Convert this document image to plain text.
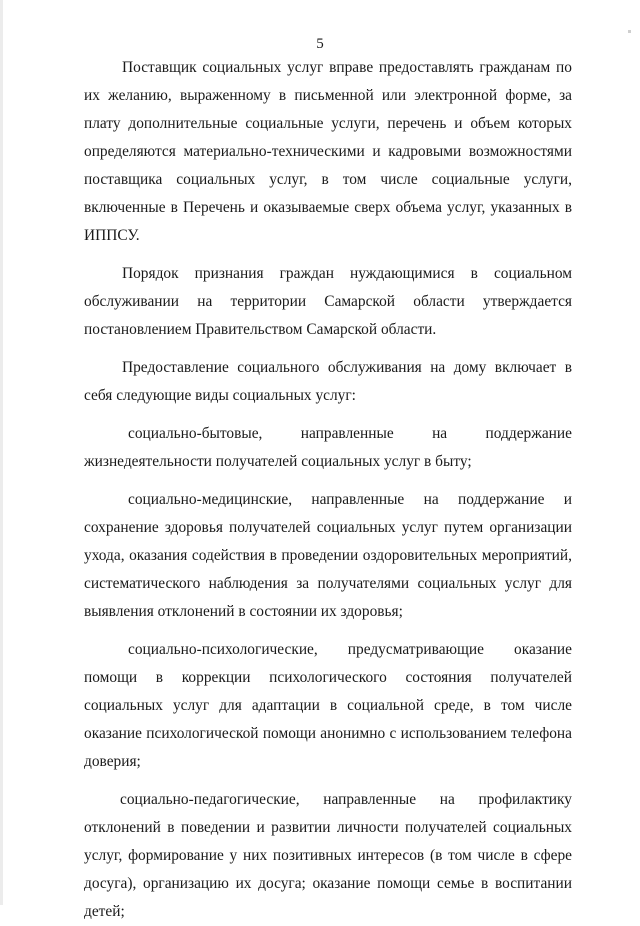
5

Поставщик социальных услуг вправе предоставлять гражданам по их желанию, выраженному в письменной или электронной форме, за плату дополнительные социальные услуги, перечень и объем которых определяются материально-техническими и кадровыми возможностями поставщика социальных услуг, в том числе социальные услуги, включенные в Перечень и оказываемые сверх объема услуг, указанных в ИППСУ.

Порядок признания граждан нуждающимися в социальном обслуживании на территории Самарской области утверждается постановлением Правительством Самарской области.

Предоставление социального обслуживания на дому включает в себя следующие виды социальных услуг:

социально-бытовые, направленные на поддержание жизнедеятельности получателей социальных услуг в быту;

социально-медицинские, направленные на поддержание и сохранение здоровья получателей социальных услуг путем организации ухода, оказания содействия в проведении оздоровительных мероприятий, систематического наблюдения за получателями социальных услуг для выявления отклонений в состоянии их здоровья;

социально-психологические, предусматривающие оказание помощи в коррекции психологического состояния получателей социальных услуг для адаптации в социальной среде, в том числе оказание психологической помощи анонимно с использованием телефона доверия;

социально-педагогические, направленные на профилактику отклонений в поведении и развитии личности получателей социальных услуг, формирование у них позитивных интересов (в том числе в сфере досуга), организацию их досуга; оказание помощи семье в воспитании детей;
